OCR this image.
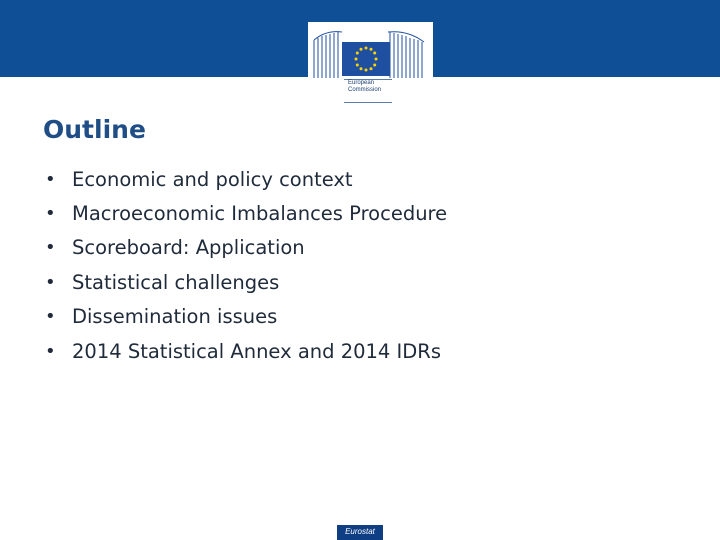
European
Commission
Outline
• Economic and policy context
• Macroeconomic Imbalances Procedure
• Scoreboard: Application
• Statistical challenges
• Dissemination issues
• 2014 Statistical Annex and 2014 IDRs
Eurostat
